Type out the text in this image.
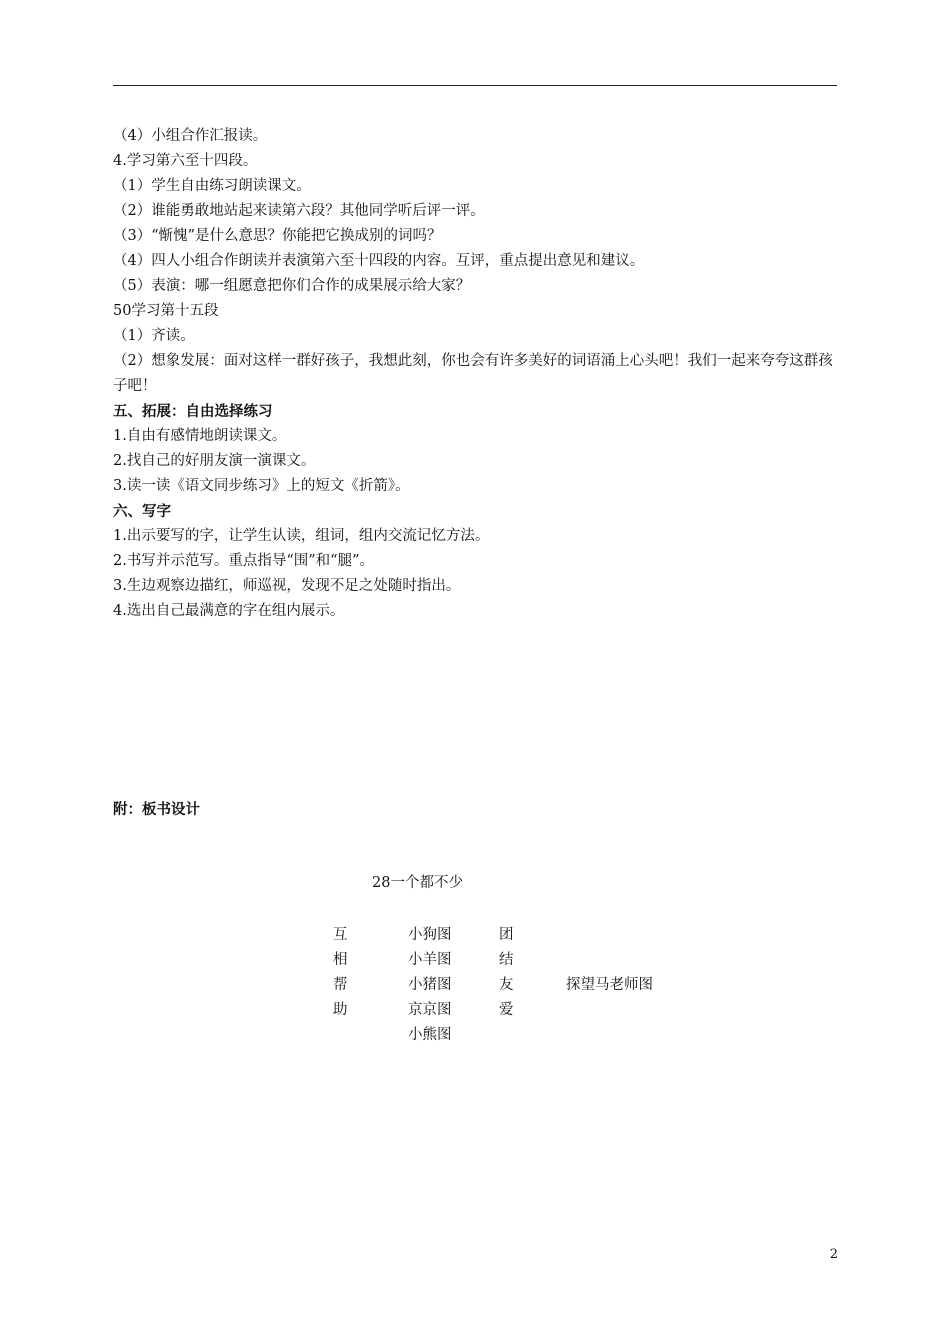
（4）小组合作汇报读。
4.学习第六至十四段。
（1）学生自由练习朗读课文。
（2）谁能勇敢地站起来读第六段？其他同学听后评一评。
（3）“惭愧”是什么意思？你能把它换成别的词吗？
（4）四人小组合作朗读并表演第六至十四段的内容。互评，重点提出意见和建议。
（5）表演：哪一组愿意把你们合作的成果展示给大家？
50学习第十五段
（1）齐读。
（2）想象发展：面对这样一群好孩子，我想此刻，你也会有许多美好的词语涌上心头吧！我们一起来夸夸这群孩子吧！
五、拓展：自由选择练习
1.自由有感情地朗读课文。
2.找自己的好朋友演一演课文。
3.读一读《语文同步练习》上的短文《折箭》。
六、写字
1.出示要写的字，让学生认读，组词，组内交流记忆方法。
2.书写并示范写。重点指导“围”和“腿”。
3.生边观察边描红，师巡视，发现不足之处随时指出。
4.选出自己最满意的字在组内展示。
附：板书设计
28一个都不少
互
相
帮
助
小狗图
小羊图
小猪图
京京图
小熊图
团
结
友
爱
探望马老师图
2
